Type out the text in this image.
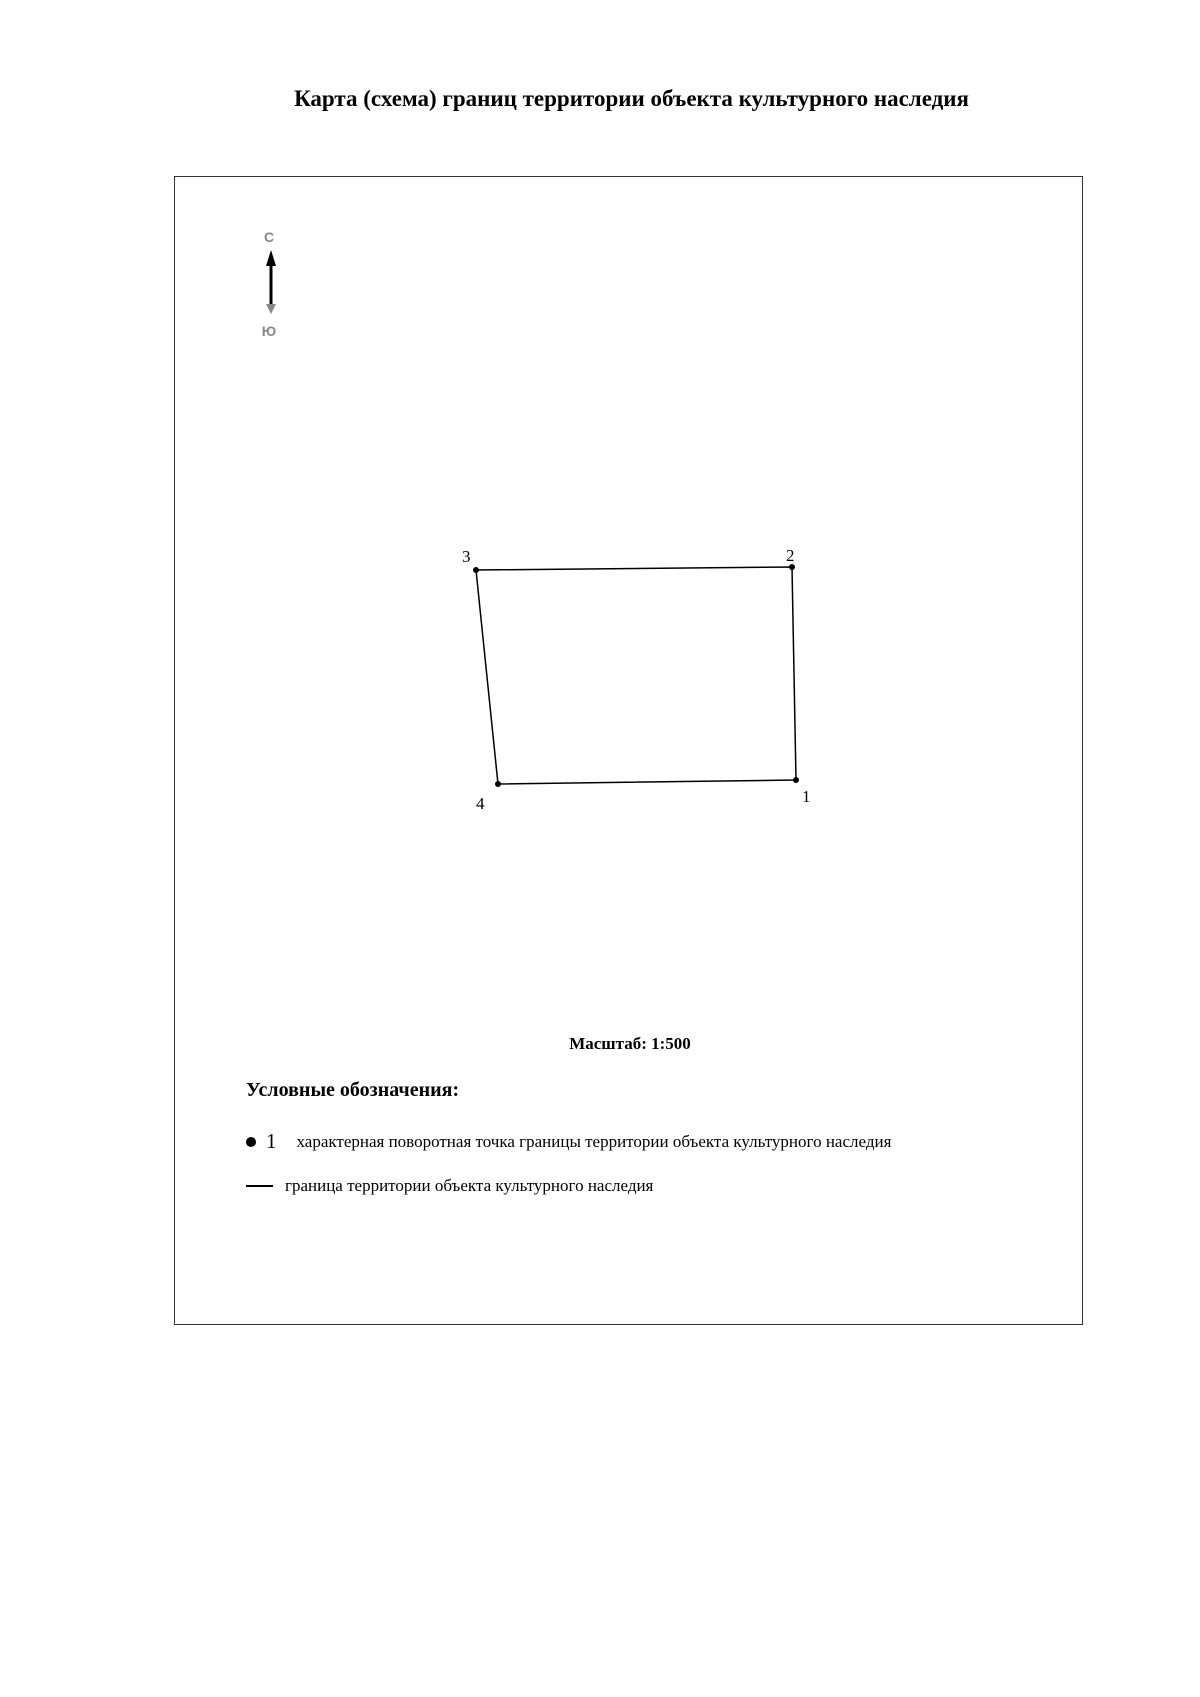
Карта (схема) границ территории объекта культурного наследия
С
Ю
1
2
3
4
Масштаб: 1:500
Условные обозначения:
1 характерная поворотная точка границы территории объекта культурного наследия
граница территории объекта культурного наследия
